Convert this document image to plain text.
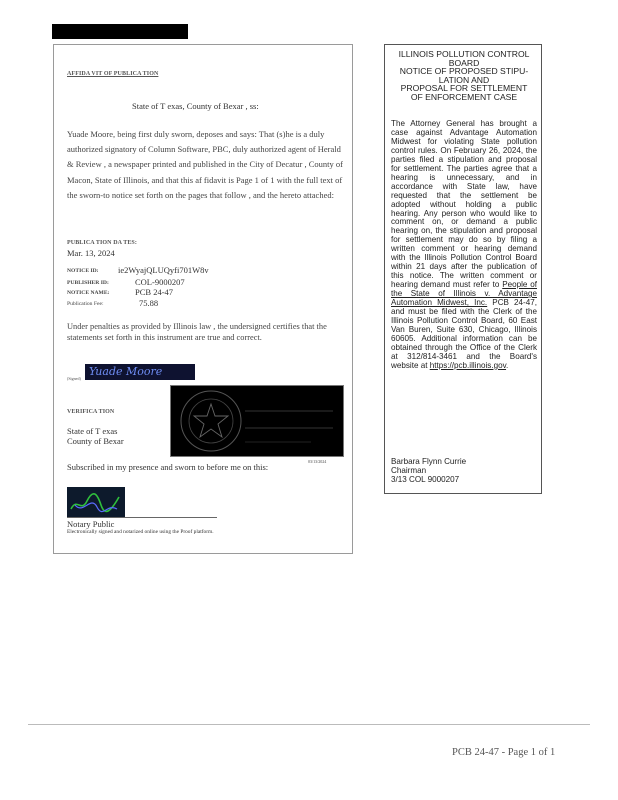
AFFIDA VIT OF PUBLICA TION
State of T exas, County of Bexar , ss:
Yuade Moore, being first duly sworn, deposes and says: That (s)he is a duly authorized signatory of Column Software, PBC, duly authorized agent of Herald & Review , a newspaper printed and published in the City of Decatur , County of Macon, State of Illinois, and that this af fidavit is Page 1 of 1 with the full text of the sworn-to notice set forth on the pages that follow , and the hereto attached:
PUBLICA TION DA TES:
Mar. 13, 2024
NOTICE ID: ie2WyajQLUQyfi701W8v
PUBLISHER ID:	COL-9000207
NOTICE NAME:	PCB 24-47
Publication Fee:	75.88
Under penalties as provided by Illinois law , the undersigned certifies that the statements set forth in this instrument are true and correct.
(Signed)
Yuade Moore
VERIFICA TION
State of T exas
County of Bexar
Subscribed in my presence and sworn to before me on this:
03/13/2024
Notary Public
Electronically signed and notarized online using the Proof platform.
ILLINOIS POLLUTION CONTROL
BOARD
NOTICE OF PROPOSED STIPU-
LATION AND
PROPOSAL FOR SETTLEMENT
OF ENFORCEMENT CASE

The Attorney General has brought a case against Advantage Automation Midwest for violating State pollution control rules. On February 26, 2024, the parties filed a stipulation and proposal for settlement. The parties agree that a hearing is unnecessary, and in accordance with State law, have requested that the settlement be adopted without holding a public hearing. Any person who would like to comment on, or demand a public hearing on, the stipulation and proposal for settlement may do so by filing a written comment or hearing demand with the Illinois Pollution Control Board within 21 days after the publication of this notice. The written comment or hearing demand must refer to People of the State of Illinois v. Advantage Automation Midwest, Inc. PCB 24-47, and must be filed with the Clerk of the Illinois Pollution Control Board, 60 East Van Buren, Suite 630, Chicago, Illinois 60605. Additional information can be obtained through the Office of the Clerk at 312/814-3461 and the Board's website at https://pcb.illinois.gov.

Barbara Flynn Currie
Chairman
3/13 COL 9000207
PCB 24-47 - Page 1 of 1
